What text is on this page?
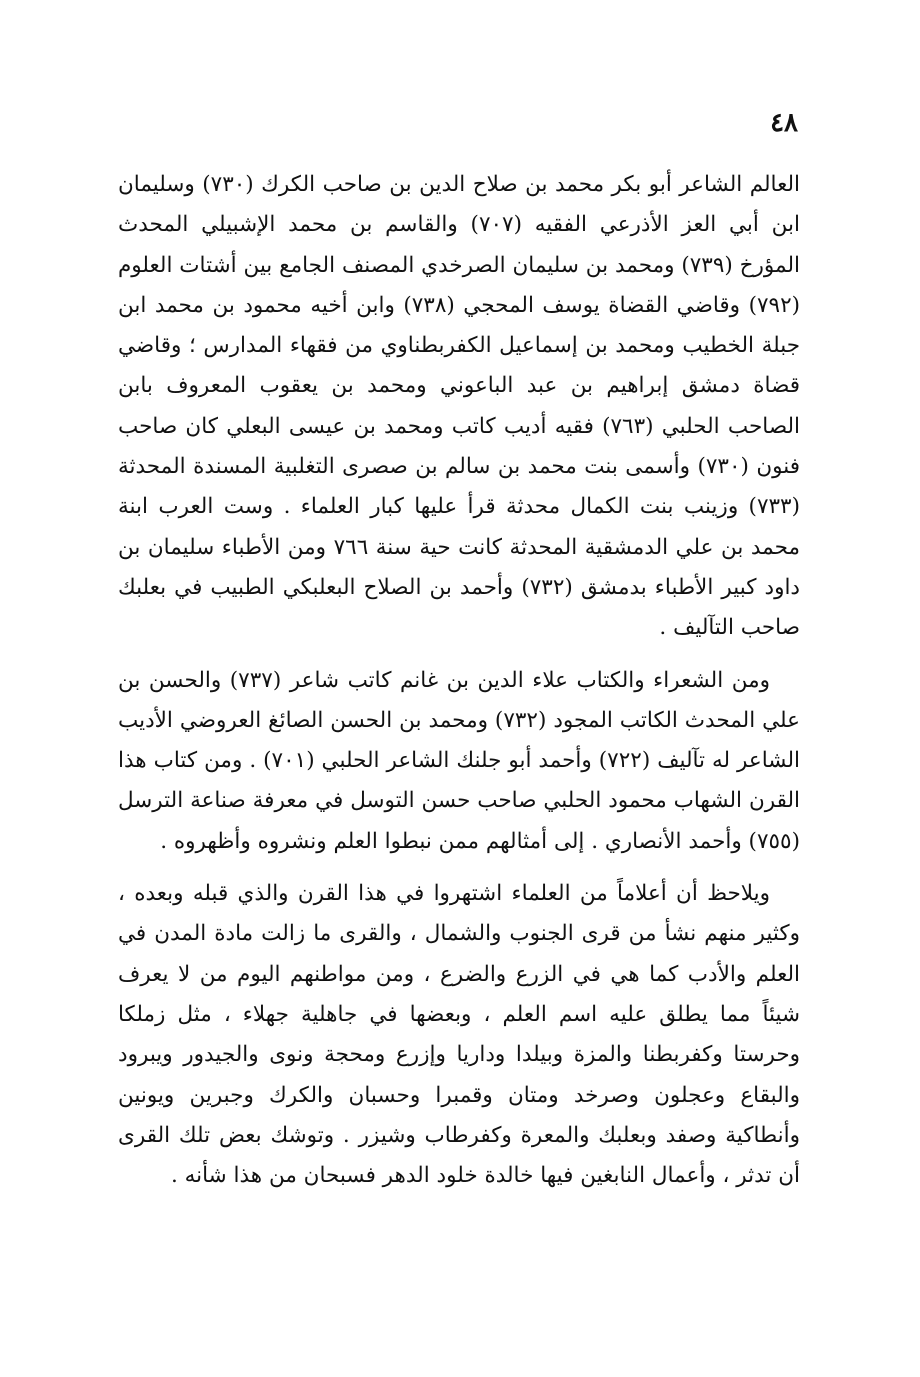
٤٨

العالم الشاعر أبو بكر محمد بن صلاح الدين بن صاحب الكرك (٧٣٠) وسليمان ابن أبي العز الأذرعي الفقيه (٧٠٧) والقاسم بن محمد الإشبيلي المحدث المؤرخ (٧٣٩) ومحمد بن سليمان الصرخدي المصنف الجامع بين أشتات العلوم (٧٩٢) وقاضي القضاة يوسف المحجي (٧٣٨) وابن أخيه محمود بن محمد ابن جبلة الخطيب ومحمد بن إسماعيل الكفربطناوي من فقهاء المدارس ؛ وقاضي قضاة دمشق إبراهيم بن عبد الباعوني ومحمد بن يعقوب المعروف بابن الصاحب الحلبي (٧٦٣) فقيه أديب كاتب ومحمد بن عيسى البعلي كان صاحب فنون (٧٣٠) وأسمى بنت محمد بن سالم بن صصرى التغلبية المسندة المحدثة (٧٣٣) وزينب بنت الكمال محدثة قرأ عليها كبار العلماء . وست العرب ابنة محمد بن علي الدمشقية المحدثة كانت حية سنة ٧٦٦ ومن الأطباء سليمان بن داود كبير الأطباء بدمشق (٧٣٢) وأحمد بن الصلاح البعلبكي الطبيب في بعلبك صاحب التآليف .

ومن الشعراء والكتاب علاء الدين بن غانم كاتب شاعر (٧٣٧) والحسن بن علي المحدث الكاتب المجود (٧٣٢) ومحمد بن الحسن الصائغ العروضي الأديب الشاعر له تآليف (٧٢٢) وأحمد أبو جلنك الشاعر الحلبي (٧٠١) . ومن كتاب هذا القرن الشهاب محمود الحلبي صاحب حسن التوسل في معرفة صناعة الترسل (٧٥٥) وأحمد الأنصاري . إلى أمثالهم ممن نبطوا العلم ونشروه وأظهروه .

ويلاحظ أن أعلاماً من العلماء اشتهروا في هذا القرن والذي قبله وبعده ، وكثير منهم نشأ من قرى الجنوب والشمال ، والقرى ما زالت مادة المدن في العلم والأدب كما هي في الزرع والضرع ، ومن مواطنهم اليوم من لا يعرف شيئاً مما يطلق عليه اسم العلم ، وبعضها في جاهلية جهلاء ، مثل زملكا وحرستا وكفربطنا والمزة وبيلدا وداريا وإزرع ومحجة ونوى والجيدور ويبرود والبقاع وعجلون وصرخد ومتان وقمبرا وحسبان والكرك وجبرين ويونين وأنطاكية وصفد وبعلبك والمعرة وكفرطاب وشيزر . وتوشك بعض تلك القرى أن تدثر ، وأعمال النابغين فيها خالدة خلود الدهر فسبحان من هذا شأنه .
